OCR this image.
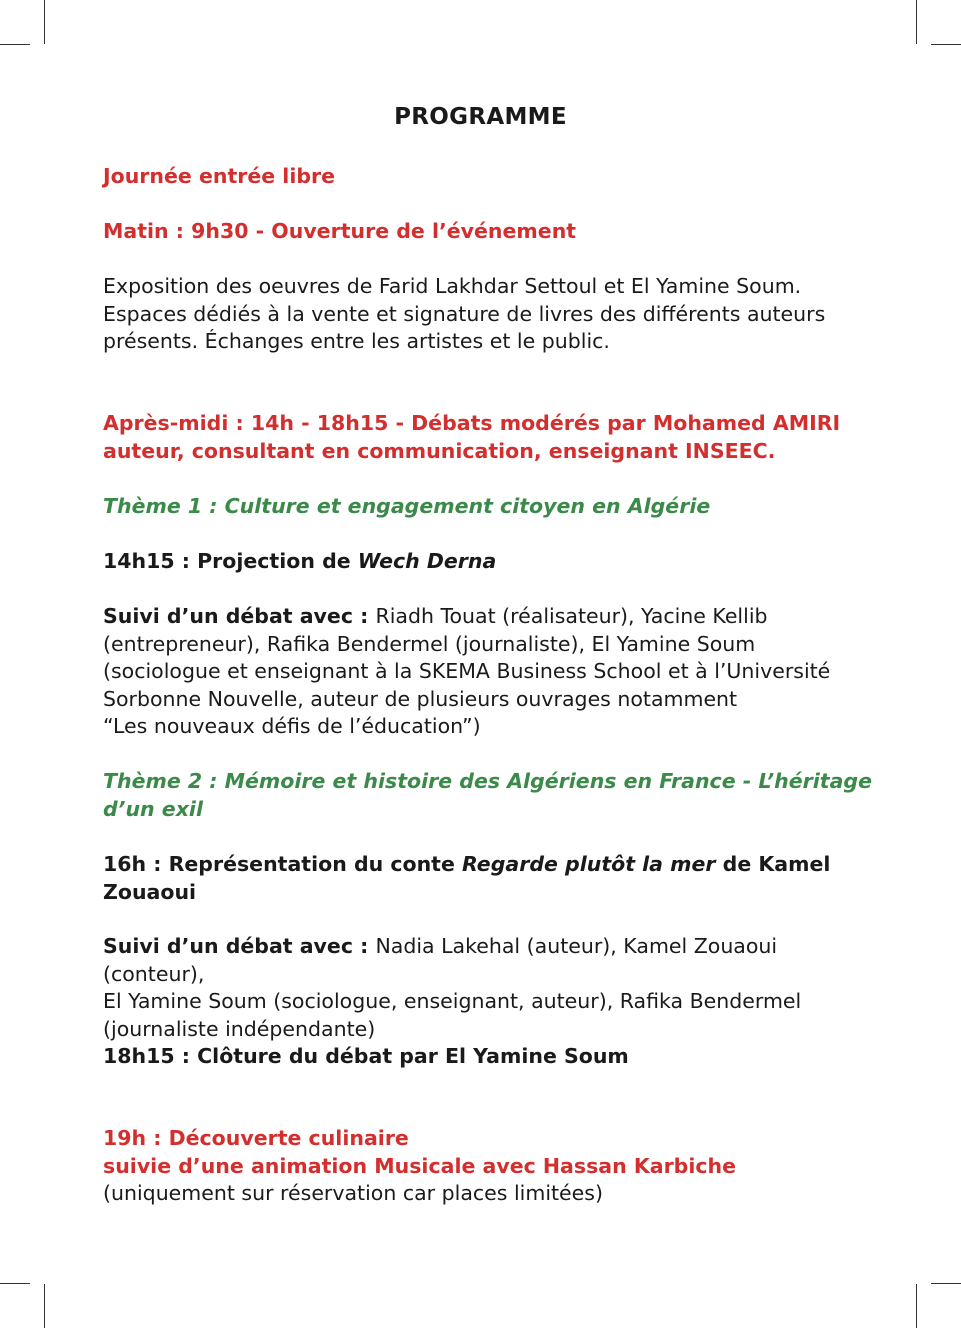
PROGRAMME
Journée entrée libre
Matin : 9h30 - Ouverture de l’événement

Exposition des oeuvres de Farid Lakhdar Settoul et El Yamine Soum.

Espaces dédiés à la vente et signature de livres des différents auteurs

présents. Échanges entre les artistes et le public.

Après-midi : 14h - 18h15 - Débats modérés par Mohamed AMIRI

auteur, consultant en communication, enseignant INSEEC.

Thème 1 : Culture et engagement citoyen en Algérie
14h15 : Projection de Wech Derna

Suivi d’un débat avec : Riadh Touat (réalisateur), Yacine Kellib

(entrepreneur), Rafika Bendermel (journaliste), El Yamine Soum

(sociologue et enseignant à la SKEMA Business School et à l’Université

Sorbonne Nouvelle, auteur de plusieurs ouvrages notamment

“Les nouveaux défis de l’éducation”)

Thème 2 : Mémoire et histoire des Algériens en France - L’héritage

d’un exil

16h : Représentation du conte Regarde plutôt la mer de Kamel

Zouaoui

Suivi d’un débat avec : Nadia Lakehal (auteur), Kamel Zouaoui (conteur),

El Yamine Soum (sociologue, enseignant, auteur), Rafika Bendermel

(journaliste indépendante)

18h15 : Clôture du débat par El Yamine Soum

19h : Découverte culinaire

suivie d’une animation Musicale avec Hassan Karbiche

(uniquement sur réservation car places limitées)
